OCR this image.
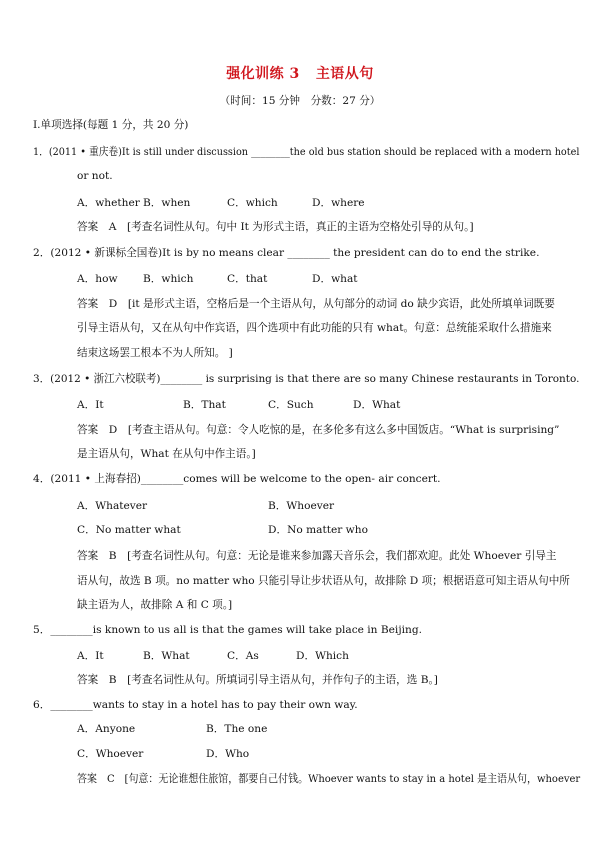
强化训练 3 主语从句
（时间：15 分钟　分数：27 分）
Ⅰ.单项选择(每题 1 分，共 20 分)
1．(2011 • 重庆卷)It is still under discussion ________the old bus station should be replaced with a modern hotel
or not.
A．whether B．when	C．which	D．where
答案　A　[考查名词性从句。句中 It 为形式主语，真正的主语为空格处引导的从句。]
2．(2012 • 新课标全国卷)It is by no means clear ________ the president can do to end the strike.
A．how B．which	C．that	D．what
答案　D　[it 是形式主语，空格后是一个主语从句，从句部分的动词 do 缺少宾语，此处所填单词既要
引导主语从句，又在从句中作宾语，四个选项中有此功能的只有 what。句意：总统能采取什么措施来
结束这场罢工根本不为人所知。 ]
3．(2012 • 浙江六校联考)________ is surprising is that there are so many Chinese restaurants in Toronto.
A．It	B．That	C．Such	D．What
答案　D　[考查主语从句。句意：令人吃惊的是，在多伦多有这么多中国饭店。“What is surprising”
是主语从句，What 在从句中作主语。]
4．(2011 • 上海春招)________comes will be welcome to the open- air concert.
A．Whatever	B．Whoever
C．No matter what	D．No matter who
答案　B　[考查名词性从句。句意：无论是谁来参加露天音乐会，我们都欢迎。此处 Whoever 引导主
语从句，故选 B 项。no matter who 只能引导让步状语从句，故排除 D 项；根据语意可知主语从句中所
缺主语为人，故排除 A 和 C 项。]
5．________is known to us all is that the games will take place in Beijing.
A．It	B．What	C．As	D．Which
答案　B　[考查名词性从句。所填词引导主语从句，并作句子的主语，选 B。]
6．________wants to stay in a hotel has to pay their own way.
A．Anyone	B．The one
C．Whoever	D．Who
答案　C　[句意：无论谁想住旅馆，都要自己付钱。Whoever wants to stay in a hotel 是主语从句，whoever
